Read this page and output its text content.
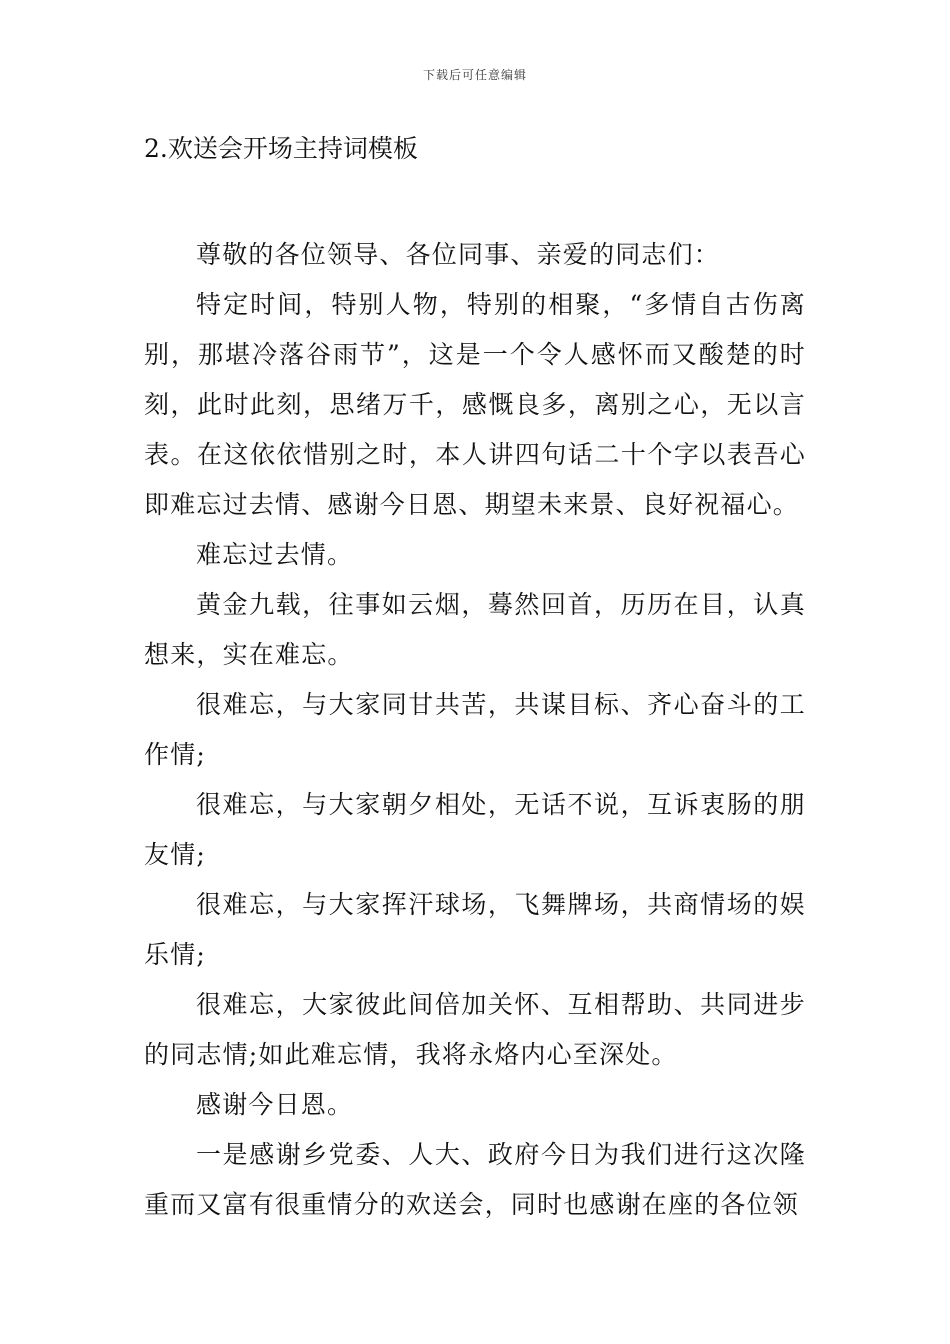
下载后可任意编辑
2.欢送会开场主持词模板

尊敬的各位领导、各位同事、亲爱的同志们：

特定时间，特别人物，特别的相聚，“多情自古伤离别，那堪冷落谷雨节”，这是一个令人感怀而又酸楚的时刻，此时此刻，思绪万千，感慨良多，离别之心，无以言表。在这依依惜别之时，本人讲四句话二十个字以表吾心即难忘过去情、感谢今日恩、期望未来景、良好祝福心。

难忘过去情。

黄金九载，往事如云烟，蓦然回首，历历在目，认真想来，实在难忘。

很难忘，与大家同甘共苦，共谋目标、齐心奋斗的工作情;

很难忘，与大家朝夕相处，无话不说，互诉衷肠的朋友情;

很难忘，与大家挥汗球场，飞舞牌场，共商情场的娱乐情;

很难忘，大家彼此间倍加关怀、互相帮助、共同进步的同志情;如此难忘情，我将永烙内心至深处。

感谢今日恩。

一是感谢乡党委、人大、政府今日为我们进行这次隆重而又富有很重情分的欢送会，同时也感谢在座的各位领
